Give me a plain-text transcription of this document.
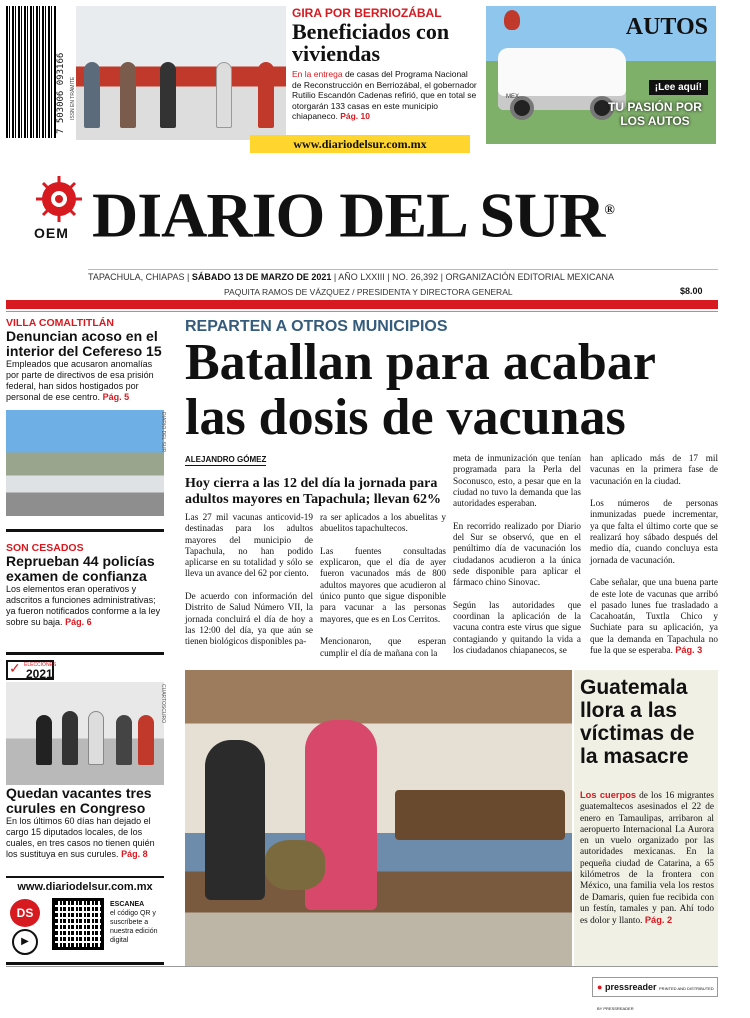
7 503006 093166 ISSN EN TRÁMITE
GIRA POR BERRIOZÁBAL
Beneficiados con viviendas
En la entrega de casas del Programa Nacional de Reconstrucción en Berriozábal, el gobernador Rutilio Escandón Cadenas refirió, que en total se otorgarán 133 casas en este municipio chiapaneco. Pág. 10
www.diariodelsur.com.mx
AUTOS
MEX
¡Lee aquí!
TU PASIÓN POR LOS AUTOS
OEM DIARIO DEL SUR®
TAPACHULA, CHIAPAS | SÁBADO 13 DE MARZO DE 2021 | AÑO LXXIII | NO. 26,392 | ORGANIZACIÓN EDITORIAL MEXICANA
PAQUITA RAMOS DE VÁZQUEZ / PRESIDENTA Y DIRECTORA GENERAL	$8.00
VILLA COMALTITLÁN
Denuncian acoso en el interior del Cefereso 15
Empleados que acusaron anomalías por parte de directivos de esa prisión federal, han sidos hostigados por personal de ese centro. Pág. 5
DIARIO DEL SUR
SON CESADOS
Reprueban 44 policías examen de confianza
Los elementos eran operativos y adscritos a funciones administrativas; ya fueron notificados conforme a la ley sobre su baja. Pág. 6
✓ ELECCIONES
2021
CUARTOSCURO
Quedan vacantes tres curules en Congreso
En los últimos 60 días han dejado el cargo 15 diputados locales, de los cuales, en tres casos no tienen quién los sustituya en sus curules. Pág. 8
www.diariodelsur.com.mx
DS
▶
ESCANEA
el código QR y suscríbete a nuestra edición digital
REPARTEN A OTROS MUNICIPIOS
Batallan para acabar las dosis de vacunas
ALEJANDRO GÓMEZ
Hoy cierra a las 12 del día la jornada para adultos mayores en Tapachula; llevan 62%
Las 27 mil vacunas anticovid-19 destinadas para los adultos mayores del municipio de Tapachula, no han podido aplicarse en su totalidad y sólo se lleva un avance del 62 por ciento.

De acuerdo con información del Distrito de Salud Número VII, la jornada concluirá el día de hoy a las 12:00 del día, ya que aún se tienen biológicos disponibles pa-
ra ser aplicados a los abuelitas y abuelitos tapachultecos.

Las fuentes consultadas explicaron, que el día de ayer fueron vacunados más de 800 adultos mayores que acudieron al único punto que sigue disponible para vacunar a las personas mayores, que es en Los Cerritos.

Mencionaron, que esperan cumplir el día de mañana con la
meta de inmunización que tenían programada para la Perla del Soconusco, esto, a pesar que en la ciudad no tuvo la demanda que las autoridades esperaban.

En recorrido realizado por Diario del Sur se observó, que en el penúltimo día de vacunación los ciudadanos acudieron a la única sede disponible para aplicar el fármaco chino Sinovac.

Según las autoridades que coordinan la aplicación de la vacuna contra este virus que sigue contagiando y quitando la vida a los ciudadanos chiapanecos, se
han aplicado más de 17 mil vacunas en la primera fase de vacunación en la ciudad.

Los números de personas inmunizadas puede incrementar, ya que falta el último corte que se realizará hoy sábado después del medio día, cuando concluya esta jornada de vacunación.

Cabe señalar, que una buena parte de este lote de vacunas que arribó el pasado lunes fue trasladado a Cacahoatán, Tuxtla Chico y Suchiate para su aplicación, ya que la demanda en Tapachula no fue la que se esperaba. Pág. 3
Guatemala llora a las víctimas de la masacre
Los cuerpos de los 16 migrantes guatemaltecos asesinados el 22 de enero en Tamaulipas, arribaron al aeropuerto Internacional La Aurora en un vuelo organizado por las autoridades mexicanas. En la pequeña ciudad de Catarina, a 65 kilómetros de la frontera con México, una familia vela los restos de Damaris, quien fue recibida con un festín, tamales y pan. Ahí todo es dolor y llanto. Pág. 2
● pressreader PRINTED AND DISTRIBUTED BY PRESSREADER
